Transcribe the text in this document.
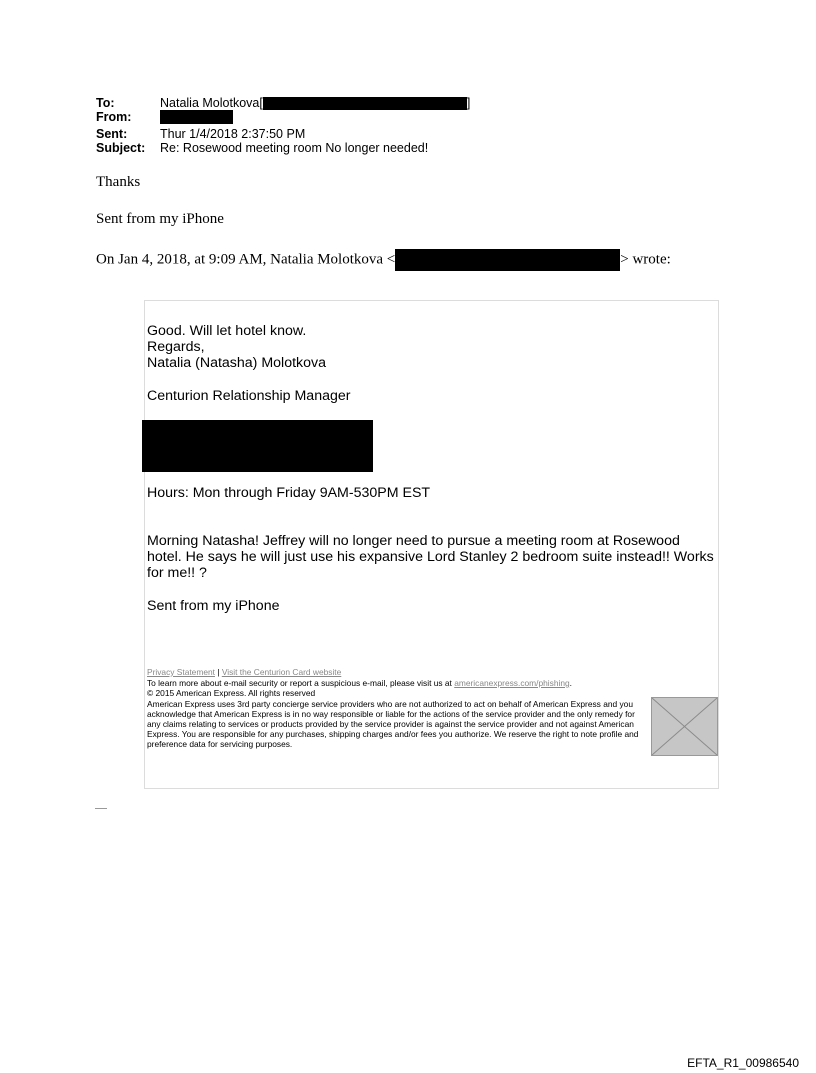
To:	Natalia Molotkova[	]
From:
Sent:	Thur 1/4/2018 2:37:50 PM
Subject: Re: Rosewood meeting room No longer needed!
Thanks
Sent from my iPhone
On Jan 4, 2018, at 9:09 AM, Natalia Molotkova <	> wrote:
Good. Will let hotel know.
Regards,
Natalia (Natasha) Molotkova
Centurion Relationship Manager
Hours: Mon through Friday 9AM-530PM EST
Morning Natasha! Jeffrey will no longer need to pursue a meeting room at Rosewood hotel. He says he will just use his expansive Lord Stanley 2 bedroom suite instead!! Works for me!! ?
Sent from my iPhone
Privacy Statement | Visit the Centurion Card website
To learn more about e-mail security or report a suspicious e-mail, please visit us at americanexpress.com/phishing.
© 2015 American Express. All rights reserved
American Express uses 3rd party concierge service providers who are not authorized to act on behalf of American Express and you acknowledge that American Express is in no way responsible or liable for the actions of the service provider and the only remedy for any claims relating to services or products provided by the service provider is against the service provider and not against American Express. You are responsible for any purchases, shipping charges and/or fees you authorize. We reserve the right to note profile and preference data for servicing purposes.
EFTA_R1_00986540
